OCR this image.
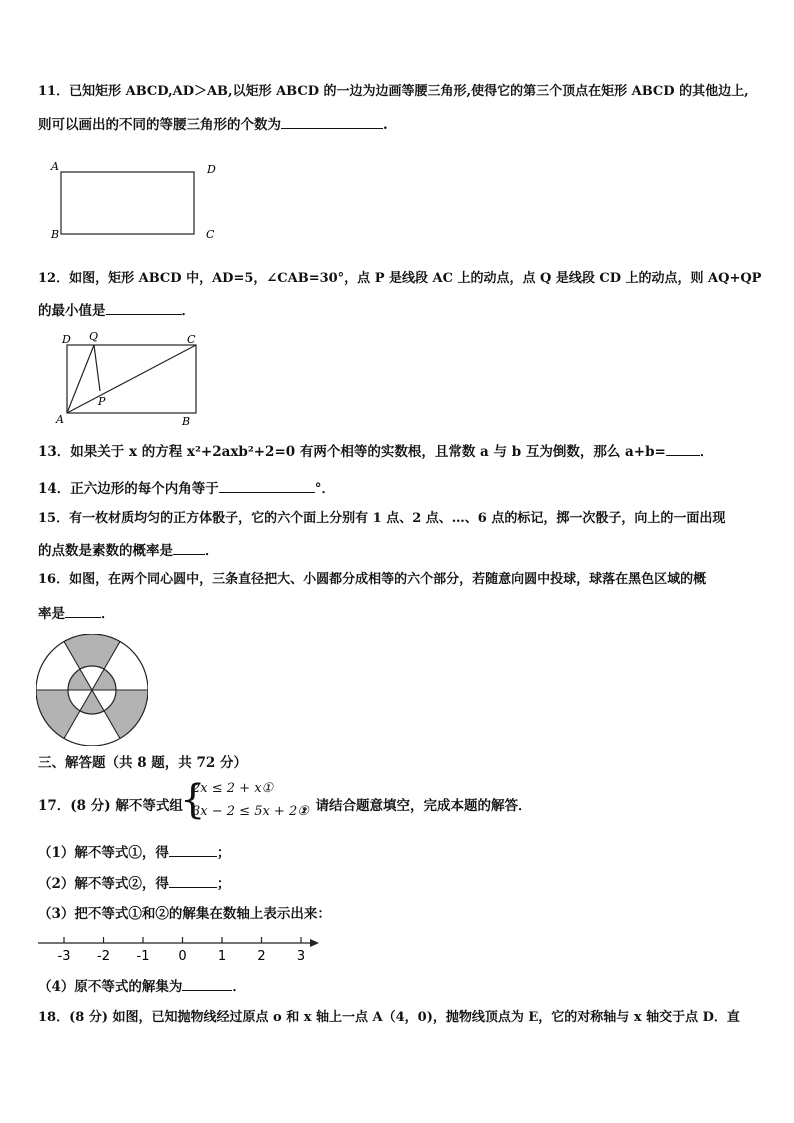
11．已知矩形 ABCD,AD＞AB,以矩形 ABCD 的一边为边画等腰三角形,使得它的第三个顶点在矩形 ABCD 的其他边上,
则可以画出的不同的等腰三角形的个数为	.
A	D
B	C
12．如图，矩形 ABCD 中，AD=5，∠CAB=30°，点 P 是线段 AC 上的动点，点 Q 是线段 CD 上的动点，则 AQ+QP
的最小值是	．
D Q	C
A
P
B
13．如果关于 x 的方程 x²+2axb²+2=0 有两个相等的实数根，且常数 a 与 b 互为倒数，那么 a+b=	．
14．正六边形的每个内角等于	°．
15．有一枚材质均匀的正方体骰子，它的六个面上分别有 1 点、2 点、…、6 点的标记，掷一次骰子，向上的一面出现
的点数是素数的概率是 ．
16．如图，在两个同心圆中，三条直径把大、小圆都分成相等的六个部分，若随意向圆中投球，球落在黑色区域的概
率是	．
三、解答题（共 8 题，共 72 分）
17．(8 分) 解不等式组
{
2x ≤ 2 + x①
3x − 2 ≤ 5x + 2②
，请结合题意填空，完成本题的解答．
（1）解不等式①，得	；
（2）解不等式②，得	；
（3）把不等式①和②的解集在数轴上表示出来：
-3 -2 -1 0 1 2 3
（4）原不等式的解集为	．
18．(8 分) 如图，已知抛物线经过原点 o 和 x 轴上一点 A（4，0)，抛物线顶点为 E，它的对称轴与 x 轴交于点 D．直
